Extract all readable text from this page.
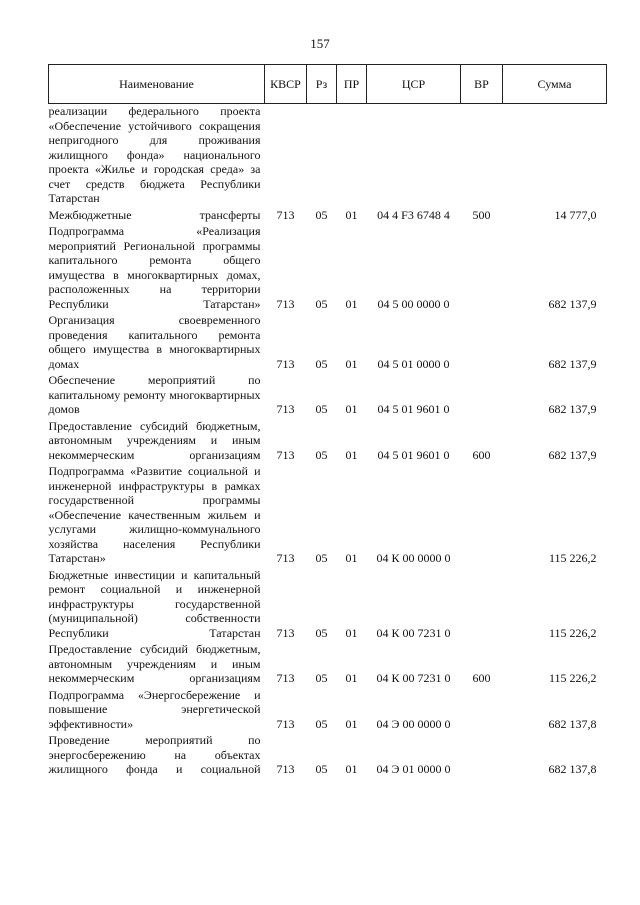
157
Наименование	КВСР	Рз	ПР	ЦСР	ВР	Сумма
реализации федерального проекта «Обеспечение устойчивого сокращения непригодного для проживания жилищного фонда» национального проекта «Жилье и городская среда» за счет средств бюджета Республики Татарстан						
Межбюджетные трансферты	713	05	01	04 4 F3 6748 4	500	14 777,0
Подпрограмма «Реализация мероприятий Региональной программы капитального ремонта общего имущества в многоквартирных домах, расположенных на территории Республики Татарстан»	713	05	01	04 5 00 0000 0		682 137,9
Организация своевременного проведения капитального ремонта общего имущества в многоквартирных домах	713	05	01	04 5 01 0000 0		682 137,9
Обеспечение мероприятий по капитальному ремонту многоквартирных домов	713	05	01	04 5 01 9601 0		682 137,9
Предоставление субсидий бюджетным, автономным учреждениям и иным некоммерческим организациям	713	05	01	04 5 01 9601 0	600	682 137,9
Подпрограмма «Развитие социальной и инженерной инфраструктуры в рамках государственной программы «Обеспечение качественным жильем и услугами жилищно-коммунального хозяйства населения Республики Татарстан»	713	05	01	04 К 00 0000 0		115 226,2
Бюджетные инвестиции и капитальный ремонт социальной и инженерной инфраструктуры государственной (муниципальной) собственности Республики Татарстан	713	05	01	04 К 00 7231 0		115 226,2
Предоставление субсидий бюджетным, автономным учреждениям и иным некоммерческим организациям	713	05	01	04 К 00 7231 0	600	115 226,2
Подпрограмма «Энергосбережение и повышение энергетической эффективности»	713	05	01	04 Э 00 0000 0		682 137,8
Проведение мероприятий по энергосбережению на объектах жилищного фонда и социальной	713	05	01	04 Э 01 0000 0		682 137,8
